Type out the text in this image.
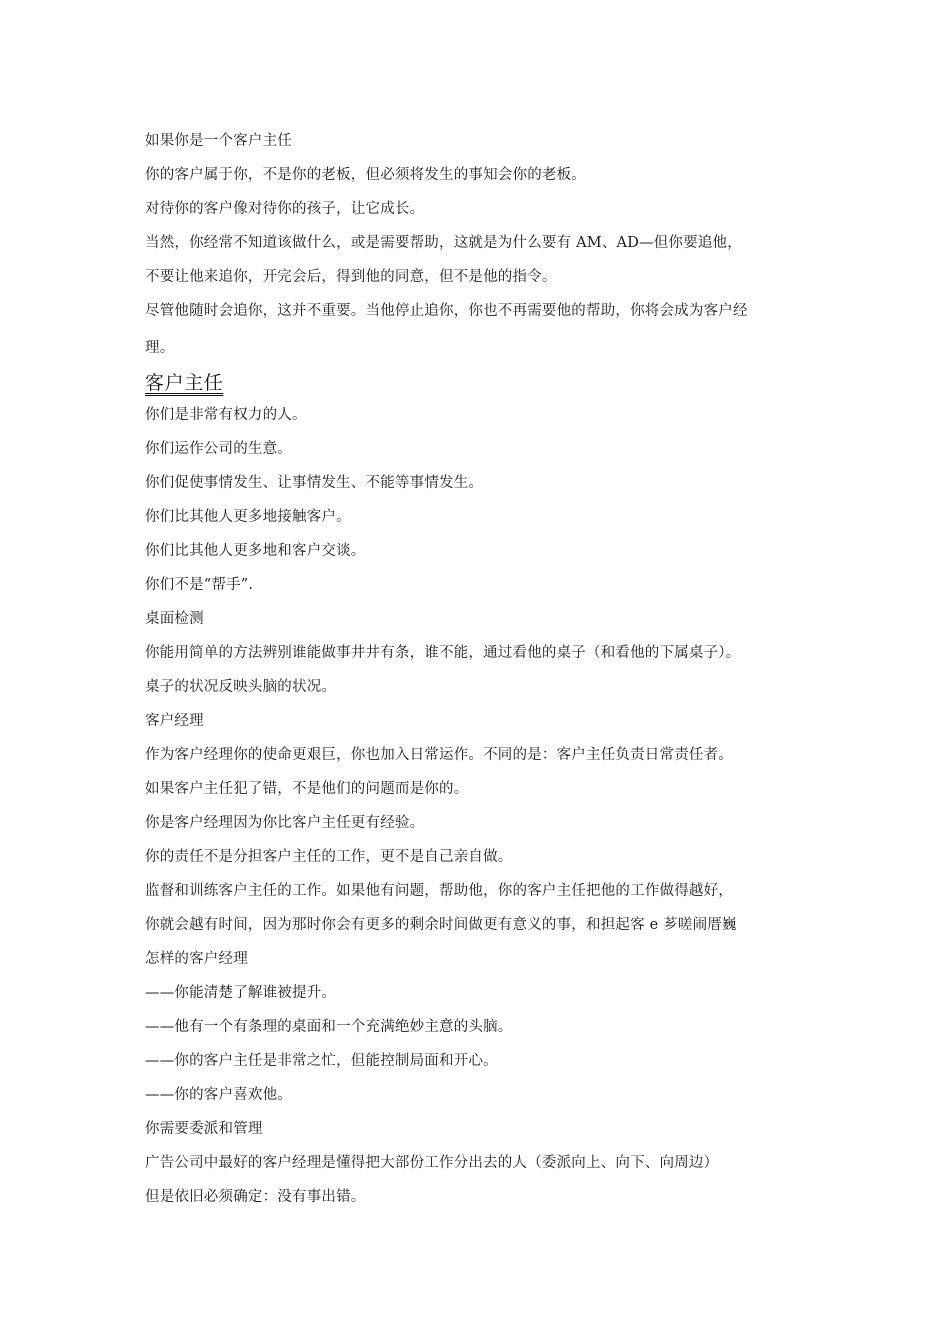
如果你是一个客户主任
你的客户属于你，不是你的老板，但必须将发生的事知会你的老板。
对待你的客户像对待你的孩子，让它成长。
当然，你经常不知道该做什么，或是需要帮助，这就是为什么要有 AM、AD—但你要追他，
不要让他来追你，开完会后，得到他的同意，但不是他的指令。
尽管他随时会追你，这并不重要。当他停止追你，你也不再需要他的帮助，你将会成为客户经
理。
客户主任
你们是非常有权力的人。
你们运作公司的生意。
你们促使事情发生、让事情发生、不能等事情发生。
你们比其他人更多地接触客户。
你们比其他人更多地和客户交谈。
你们不是“帮手”.
桌面检测
你能用简单的方法辨别谁能做事井井有条，谁不能，通过看他的桌子（和看他的下属桌子）。
桌子的状况反映头脑的状况。
客户经理
作为客户经理你的使命更艰巨，你也加入日常运作。不同的是：客户主任负责日常责任者。
如果客户主任犯了错，不是他们的问题而是你的。
你是客户经理因为你比客户主任更有经验。
你的责任不是分担客户主任的工作，更不是自己亲自做。
监督和训练客户主任的工作。如果他有问题，帮助他，你的客户主任把他的工作做得越好，
你就会越有时间，因为那时你会有更多的剩余时间做更有意义的事，和担起客 e 芗嗟闹厝巍
怎样的客户经理
——你能清楚了解谁被提升。
——他有一个有条理的桌面和一个充满绝妙主意的头脑。
——你的客户主任是非常之忙，但能控制局面和开心。
——你的客户喜欢他。
你需要委派和管理
广告公司中最好的客户经理是懂得把大部份工作分出去的人（委派向上、向下、向周边）
但是依旧必须确定：没有事出错。
